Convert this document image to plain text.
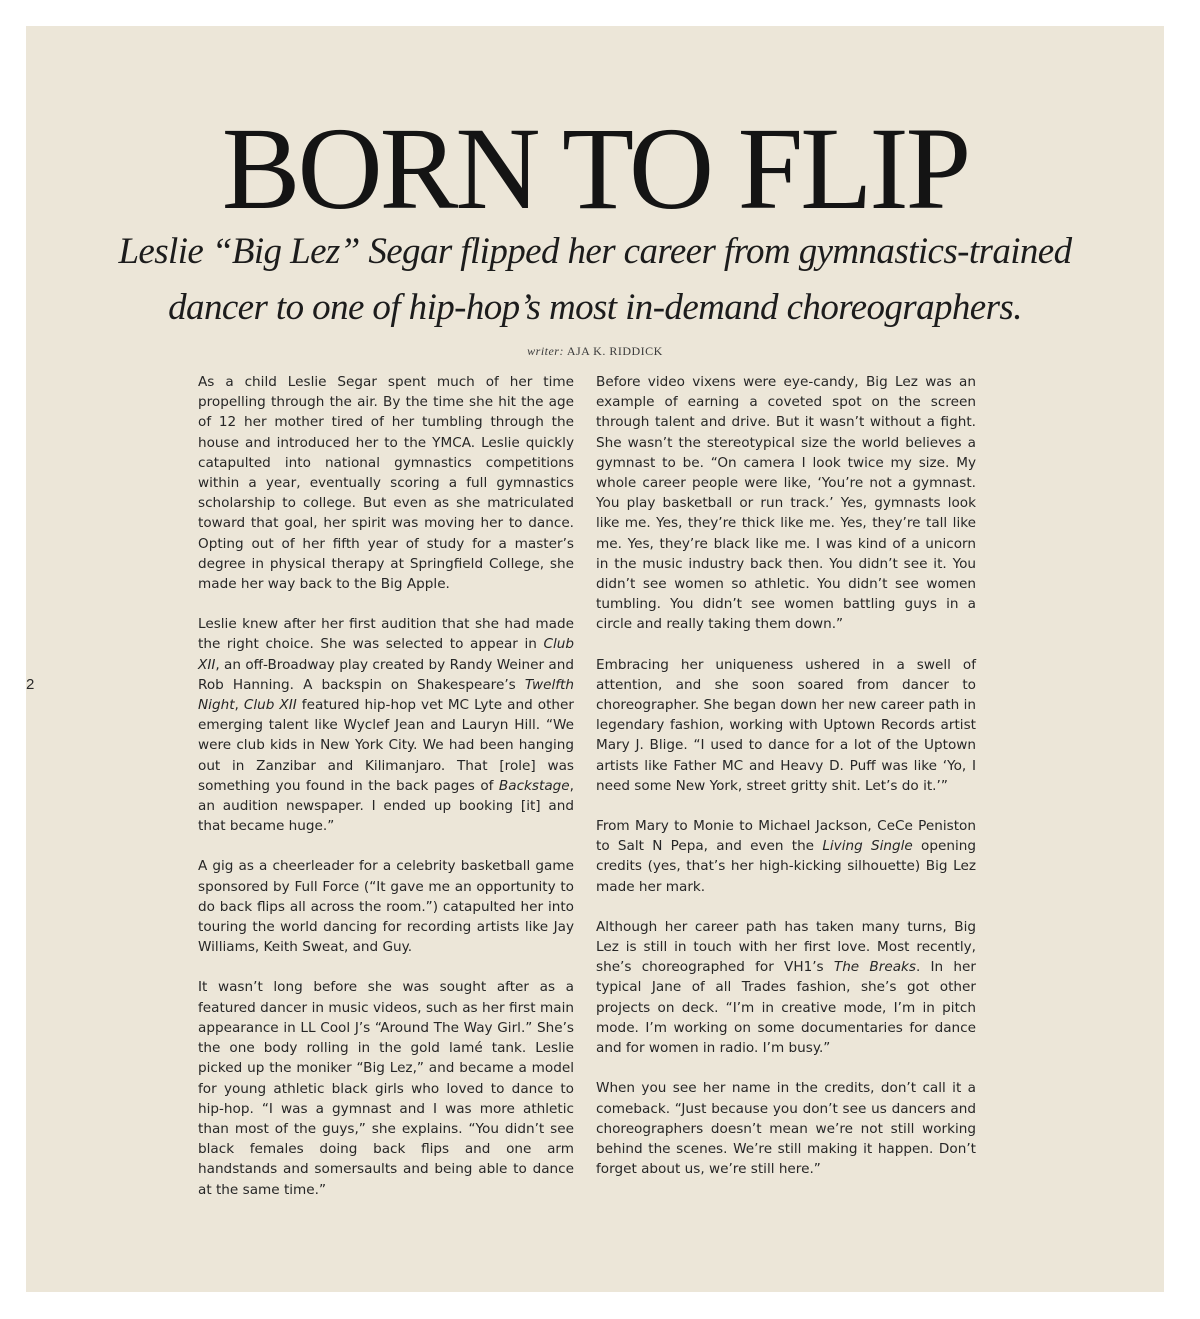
2
BORN TO FLIP

Leslie “Big Lez” Segar flipped her career from gymnastics-trained dancer to one of hip-hop’s most in-demand choreographers.

writer: AJA K. RIDDICK

As a child Leslie Segar spent much of her time propelling through the air. By the time she hit the age of 12 her mother tired of her tumbling through the house and introduced her to the YMCA. Leslie quickly catapulted into national gymnastics competitions within a year, eventually scoring a full gymnastics scholarship to college. But even as she matriculated toward that goal, her spirit was moving her to dance. Opting out of her fifth year of study for a master’s degree in physical therapy at Springfield College, she made her way back to the Big Apple.

Leslie knew after her first audition that she had made the right choice. She was selected to appear in Club XII, an off-Broadway play created by Randy Weiner and Rob Hanning. A backspin on Shakespeare’s Twelfth Night, Club XII featured hip-hop vet MC Lyte and other emerging talent like Wyclef Jean and Lauryn Hill. “We were club kids in New York City. We had been hanging out in Zanzibar and Kilimanjaro. That [role] was something you found in the back pages of Backstage, an audition newspaper. I ended up booking [it] and that became huge.”

A gig as a cheerleader for a celebrity basketball game sponsored by Full Force (“It gave me an opportunity to do back flips all across the room.”) catapulted her into touring the world dancing for recording artists like Jay Williams, Keith Sweat, and Guy.

It wasn’t long before she was sought after as a featured dancer in music videos, such as her first main appearance in LL Cool J’s “Around The Way Girl.” She’s the one body rolling in the gold lamé tank. Leslie picked up the moniker “Big Lez,” and became a model for young athletic black girls who loved to dance to hip-hop. “I was a gymnast and I was more athletic than most of the guys,” she explains. “You didn’t see black females doing back flips and one arm handstands and somersaults and being able to dance at the same time.”

Before video vixens were eye-candy, Big Lez was an example of earning a coveted spot on the screen through talent and drive. But it wasn’t without a fight. She wasn’t the stereotypical size the world believes a gymnast to be. “On camera I look twice my size. My whole career people were like, ‘You’re not a gymnast. You play basketball or run track.’ Yes, gymnasts look like me. Yes, they’re thick like me. Yes, they’re tall like me. Yes, they’re black like me. I was kind of a unicorn in the music industry back then. You didn’t see it. You didn’t see women so athletic. You didn’t see women tumbling. You didn’t see women battling guys in a circle and really taking them down.”

Embracing her uniqueness ushered in a swell of attention, and she soon soared from dancer to choreographer. She began down her new career path in legendary fashion, working with Uptown Records artist Mary J. Blige. “I used to dance for a lot of the Uptown artists like Father MC and Heavy D. Puff was like ‘Yo, I need some New York, street gritty shit. Let’s do it.’”

From Mary to Monie to Michael Jackson, CeCe Peniston to Salt N Pepa, and even the Living Single opening credits (yes, that’s her high-kicking silhouette) Big Lez made her mark.

Although her career path has taken many turns, Big Lez is still in touch with her first love. Most recently, she’s choreographed for VH1’s The Breaks. In her typical Jane of all Trades fashion, she’s got other projects on deck. “I’m in creative mode, I’m in pitch mode. I’m working on some documentaries for dance and for women in radio. I’m busy.”

When you see her name in the credits, don’t call it a comeback. “Just because you don’t see us dancers and choreographers doesn’t mean we’re not still working behind the scenes. We’re still making it happen. Don’t forget about us, we’re still here.”
